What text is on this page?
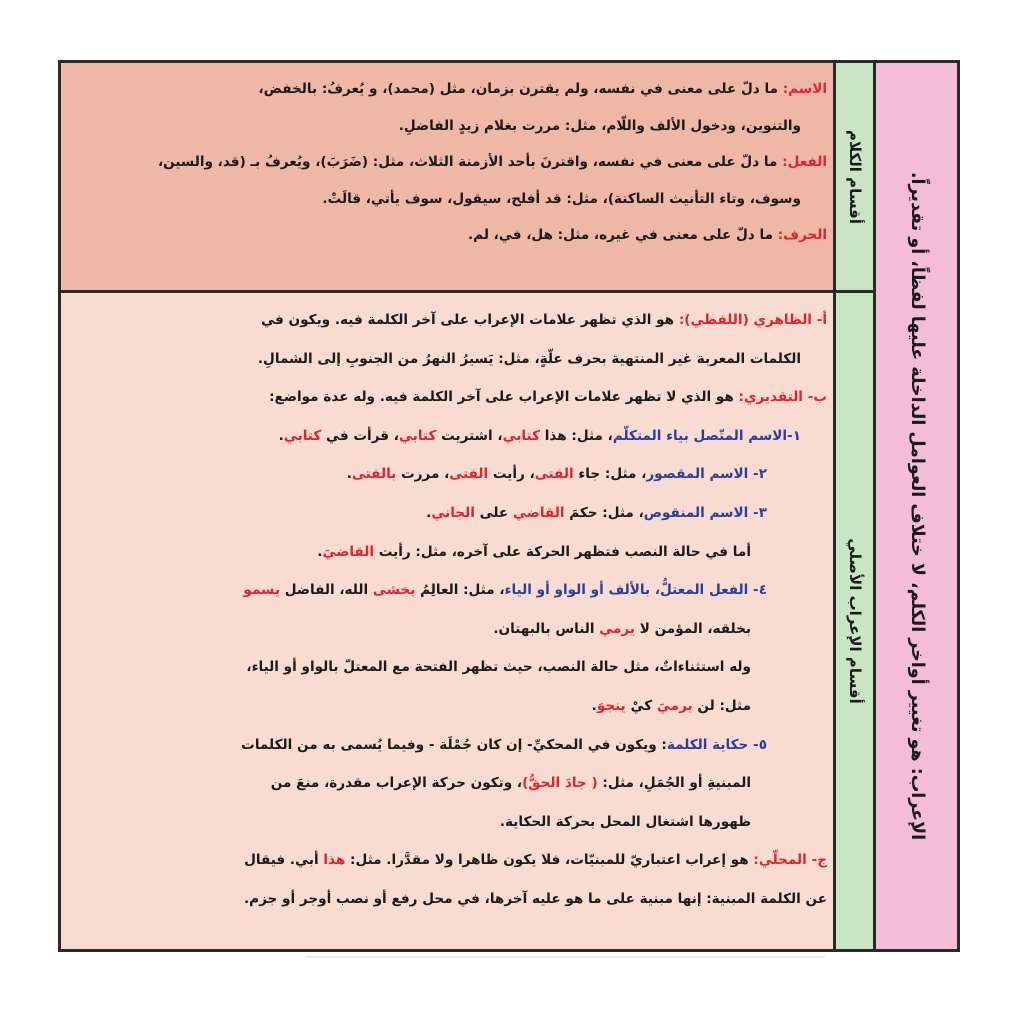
الإعراب: هو تغيير أواخر الكلم، لا ختلاف العوامل الداخلة عليها لفظاً، أو تقديراً.
أقسام الكلام
أقسام الإعراب الأصلي
الاسم: ما دلّ على معنى في نفسه، ولم يقترن بزمان، مثل (محمد)، و يُعرفُ: بالخفض،
والتنوين، ودخول الألف واللّام، مثل: مررت بغلام زيدٍ الفاضلِ.
الفعل: ما دلّ على معنى في نفسه، واقترنَ بأحد الأزمنة الثلاث، مثل: (ضَرَبَ)، ويُعرفُ بـ (قد، والسين،
وسوف، وتاء التأنيث الساكنة)، مثل: قد أفلح، سيقول، سوف يأتي، قالَتْ.
الحرف: ما دلّ على معنى في غيره، مثل: هل، في، لم.
أ- الظاهري (اللفظي): هو الذي تظهر علامات الإعراب على آخر الكلمة فيه. ويكون في
الكلمات المعربة غير المنتهية بحرف علّةٍ، مثل: يَسيرُ النهرُ من الجنوبِ إلى الشمالِ.
ب- التقديري: هو الذي لا تظهر علامات الإعراب على آخر الكلمة فيه. وله عدة مواضع:
١-الاسم المتّصل بياء المتكلّم، مثل: هذا كتابي، اشتريت كتابي، قرأت في كتابي.
٢- الاسم المقصور، مثل: جاء الفتى، رأيت الفتى، مررت بالفتى.
٣- الاسم المنقوص، مثل: حكمَ القاضي على الجاني.
أما في حالة النصب فتظهر الحركة على آخره، مثل: رأيت القاضيَ.
٤- الفعل المعتلُّ، بالألف أو الواو أو الياء، مثل: العالِمُ يخشى الله، الفاضل يسمو
بخلقه، المؤمن لا يرمي الناس بالبهتان.
وله استثناءاتٌ، مثل حالة النصب، حيث تظهر الفتحة مع المعتلّ بالواو أو الياء،
مثل: لن يرميَ كيْ ينجوَ.
٥- حكاية الكلمة: ويكون في المحكيِّ- إن كان جُمْلَة - وفيما يُسمى به من الكلمات
المبنيةِ أو الجُمَلِ، مثل: ( جادَ الحقُّ)، وتكون حركة الإعراب مقدرة، منعَ من
ظهورها اشتغال المحل بحركة الحكاية.
ج- المحلّي: هو إعراب اعتباريّ للمبنيّات، فلا يكون ظاهرا ولا مقدَّرا. مثل: هذا أبي. فيقال
عن الكلمة المبنية: إنها مبنية على ما هو عليه آخرها، في محل رفع أو نصب أوجر أو جزم.
